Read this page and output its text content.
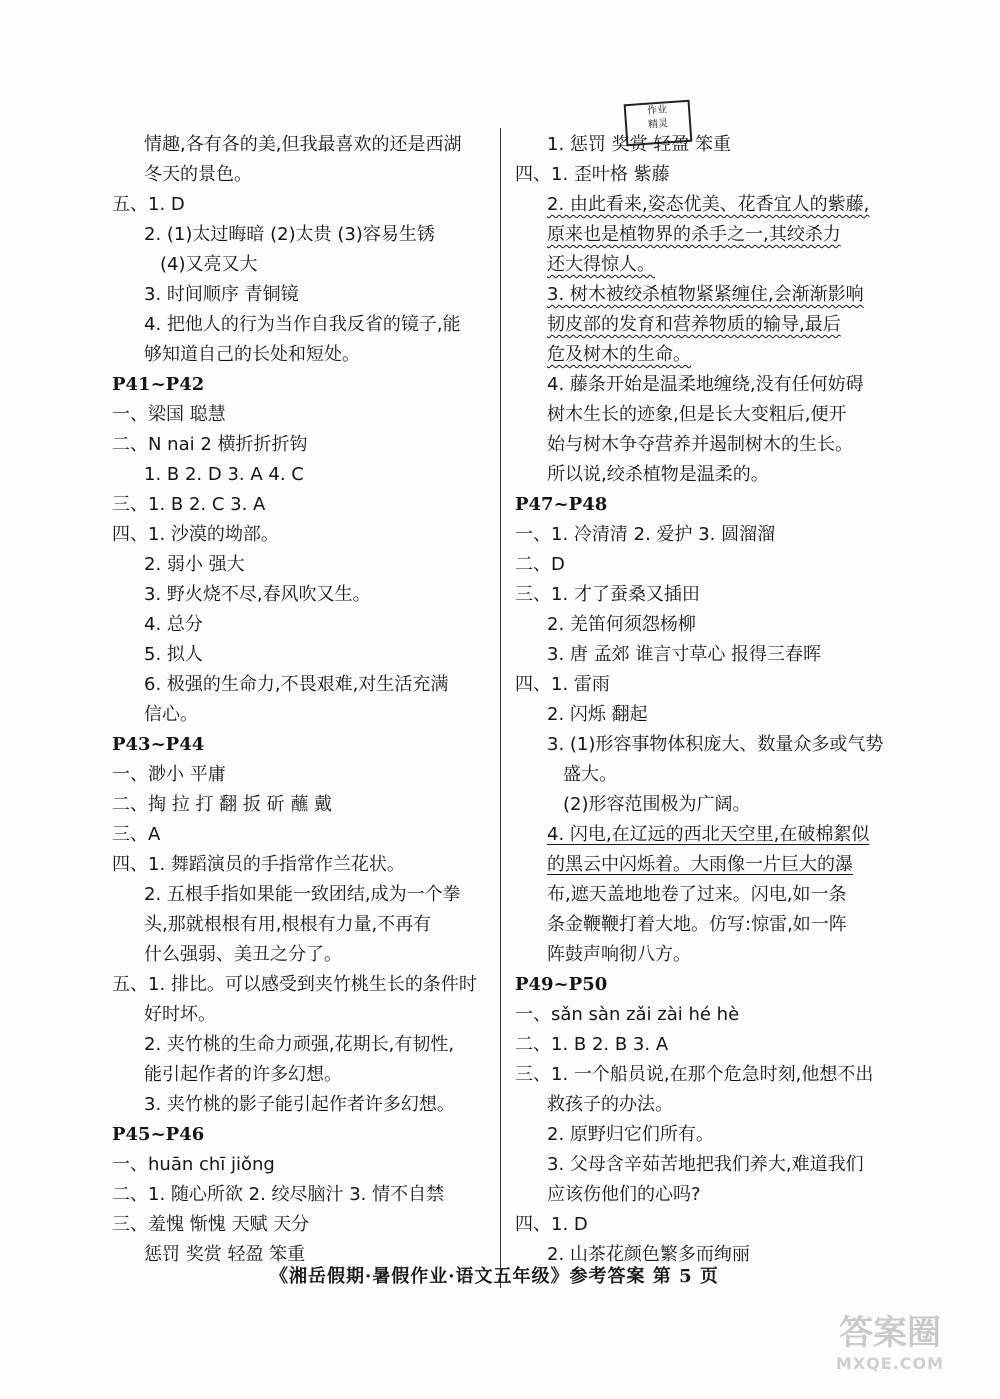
作业
精灵
情趣,各有各的美,但我最喜欢的还是西湖
冬天的景色。
五、1. D
2. (1)太过晦暗 (2)太贵 (3)容易生锈
(4)又亮又大
3. 时间顺序 青铜镜
4. 把他人的行为当作自我反省的镜子,能
够知道自己的长处和短处。
P41~P42
一、梁国 聪慧
二、N nai 2 横折折折钩
1. B 2. D 3. A 4. C
三、1. B 2. C 3. A
四、1. 沙漠的坳部。
2. 弱小 强大
3. 野火烧不尽,春风吹又生。
4. 总分
5. 拟人
6. 极强的生命力,不畏艰难,对生活充满
信心。
P43~P44
一、渺小 平庸
二、掏 拉 打 翻 扳 斫 蘸 戴
三、A
四、1. 舞蹈演员的手指常作兰花状。
2. 五根手指如果能一致团结,成为一个拳
头,那就根根有用,根根有力量,不再有
什么强弱、美丑之分了。
五、1. 排比。可以感受到夹竹桃生长的条件时
好时坏。
2. 夹竹桃的生命力顽强,花期长,有韧性,
能引起作者的许多幻想。
3. 夹竹桃的影子能引起作者许多幻想。
P45~P46
一、huān chī jiǒng
二、1. 随心所欲 2. 绞尽脑汁 3. 情不自禁
三、羞愧 惭愧 天赋 天分
惩罚 奖赏 轻盈 笨重
1. 惩罚 奖赏 轻盈 笨重
四、1. 歪叶格 紫藤
2. 由此看来,姿态优美、花香宜人的紫藤,
原来也是植物界的杀手之一,其绞杀力
还大得惊人。
3. 树木被绞杀植物紧紧缠住,会渐渐影响
韧皮部的发育和营养物质的输导,最后
危及树木的生命。
4. 藤条开始是温柔地缠绕,没有任何妨碍
树木生长的迹象,但是长大变粗后,便开
始与树木争夺营养并遏制树木的生长。
所以说,绞杀植物是温柔的。
P47~P48
一、1. 冷清清 2. 爱护 3. 圆溜溜
二、D
三、1. 才了蚕桑又插田
2. 羌笛何须怨杨柳
3. 唐 孟郊 谁言寸草心 报得三春晖
四、1. 雷雨
2. 闪烁 翻起
3. (1)形容事物体积庞大、数量众多或气势
盛大。
(2)形容范围极为广阔。
4. 闪电,在辽远的西北天空里,在破棉絮似
的黑云中闪烁着。大雨像一片巨大的瀑
布,遮天盖地地卷了过来。闪电,如一条
条金鞭鞭打着大地。仿写:惊雷,如一阵
阵鼓声响彻八方。
P49~P50
一、sǎn sàn zǎi zài hé hè
二、1. B 2. B 3. A
三、1. 一个船员说,在那个危急时刻,他想不出
救孩子的办法。
2. 原野归它们所有。
3. 父母含辛茹苦地把我们养大,难道我们
应该伤他们的心吗?
四、1. D
2. 山茶花颜色繁多而绚丽
《湘岳假期·暑假作业·语文五年级》参考答案 第 5 页
答案圈
MXQE.COM
